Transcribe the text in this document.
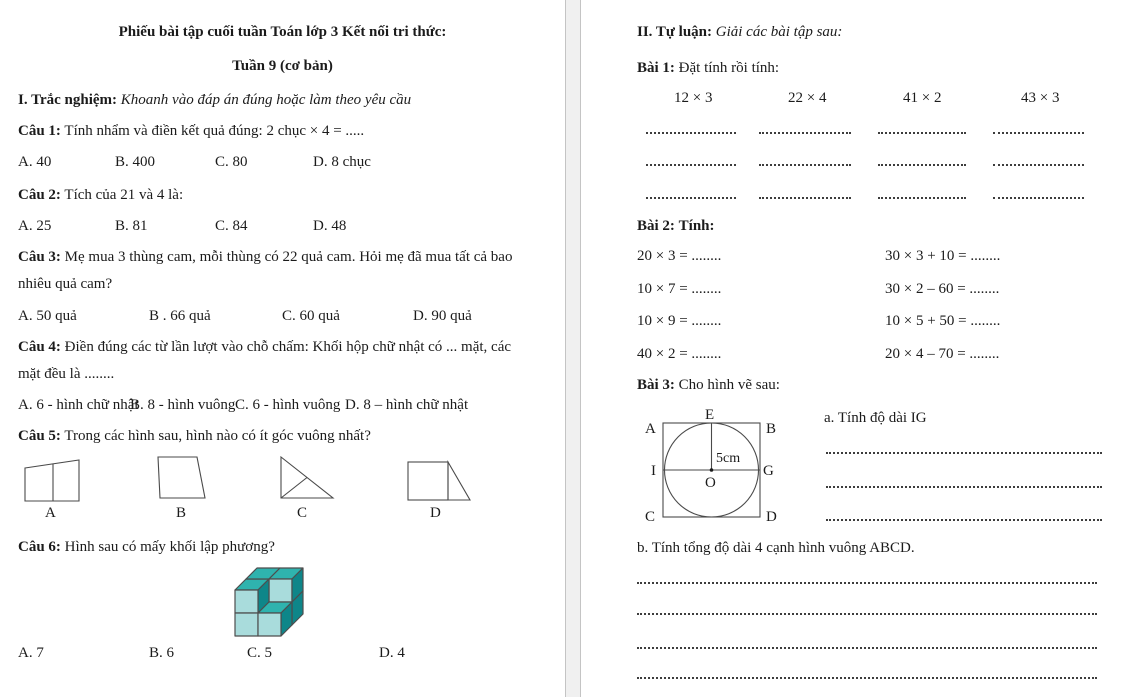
Phiếu bài tập cuối tuần Toán lớp 3 Kết nối tri thức:
Tuần 9 (cơ bản)
I. Trắc nghiệm: Khoanh vào đáp án đúng hoặc làm theo yêu cầu
Câu 1: Tính nhẩm và điền kết quả đúng: 2 chục × 4 = .....
A. 40	B. 400	C. 80	D. 8 chục
Câu 2: Tích của 21 và 4 là:
A. 25	B. 81	C. 84	D. 48
Câu 3: Mẹ mua 3 thùng cam, mỗi thùng có 22 quả cam. Hỏi mẹ đã mua tất cả bao nhiêu quả cam?
A. 50 quả	B . 66 quả	C. 60 quả	D. 90 quả
Câu 4: Điền đúng các từ lần lượt vào chỗ chấm: Khối hộp chữ nhật có ... mặt, các mặt đều là ........
A. 6 - hình chữ nhật
B. 8 - hình vuông C. 6 - hình vuông D. 8 – hình chữ nhật
Câu 5: Trong các hình sau, hình nào có ít góc vuông nhất?
A	B	C	D
Câu 6: Hình sau có mấy khối lập phương?
A. 7	B. 6	C. 5	D. 4
II. Tự luận: Giải các bài tập sau:
Bài 1: Đặt tính rồi tính:
12 × 3	22 × 4	41 × 2	43 × 3
Bài 2: Tính:
20 × 3 = ........	30 × 3 + 10 = ........
10 × 7 = ........	30 × 2 – 60 = ........
10 × 9 = ........	10 × 5 + 50 = ........
40 × 2 = ........	20 × 4 – 70 = ........
Bài 3: Cho hình vẽ sau:
A	B
C	D
E
I	G
O
5cm
a. Tính độ dài IG
b. Tính tổng độ dài 4 cạnh hình vuông ABCD.
